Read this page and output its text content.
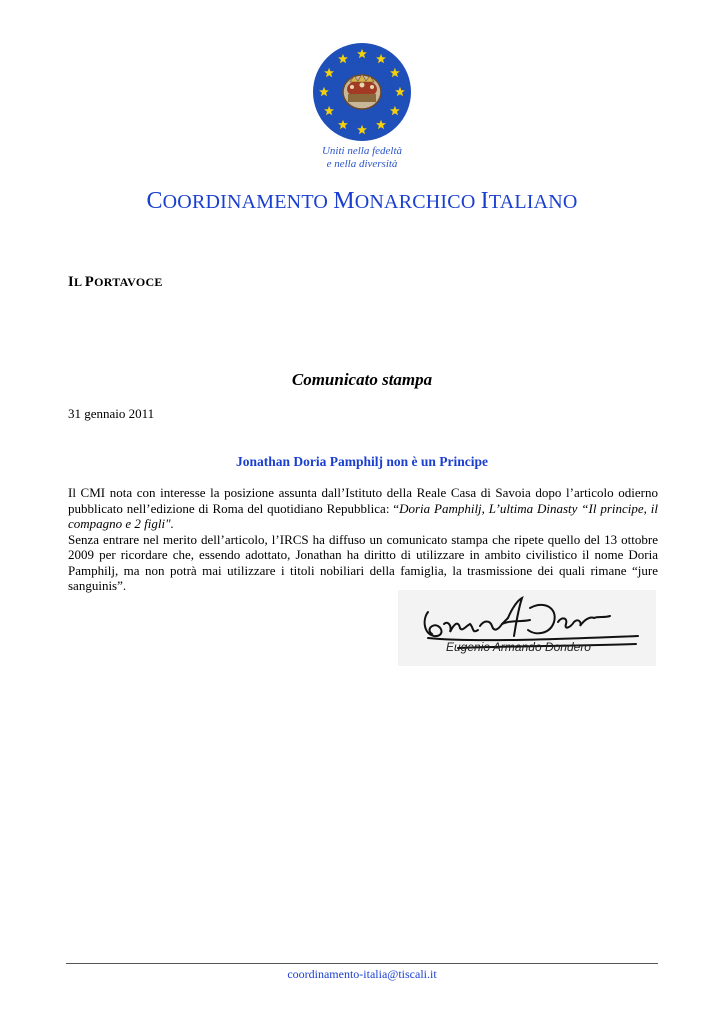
Uniti nella fedeltà
e nella diversità
COORDINAMENTO MONARCHICO ITALIANO
IL PORTAVOCE
Comunicato stampa
31 gennaio 2011
Jonathan Doria Pamphilj non è un Principe

Il CMI nota con interesse la posizione assunta dall’Istituto della Reale Casa di Savoia dopo l’articolo odierno pubblicato nell’edizione di Roma del quotidiano Repubblica: “Doria Pamphilj, L’ultima Dinasty “Il principe, il compagno e 2 figli".

Senza entrare nel merito dell’articolo, l’IRCS ha diffuso un comunicato stampa che ripete quello del 13 ottobre 2009 per ricordare che, essendo adottato, Jonathan ha diritto di utilizzare in ambito civilistico il nome Doria Pamphilj, ma non potrà mai utilizzare i titoli nobiliari della famiglia, la trasmissione dei quali rimane “jure sanguinis”.

Eugenio Armando Dondero
coordinamento-italia@tiscali.it
